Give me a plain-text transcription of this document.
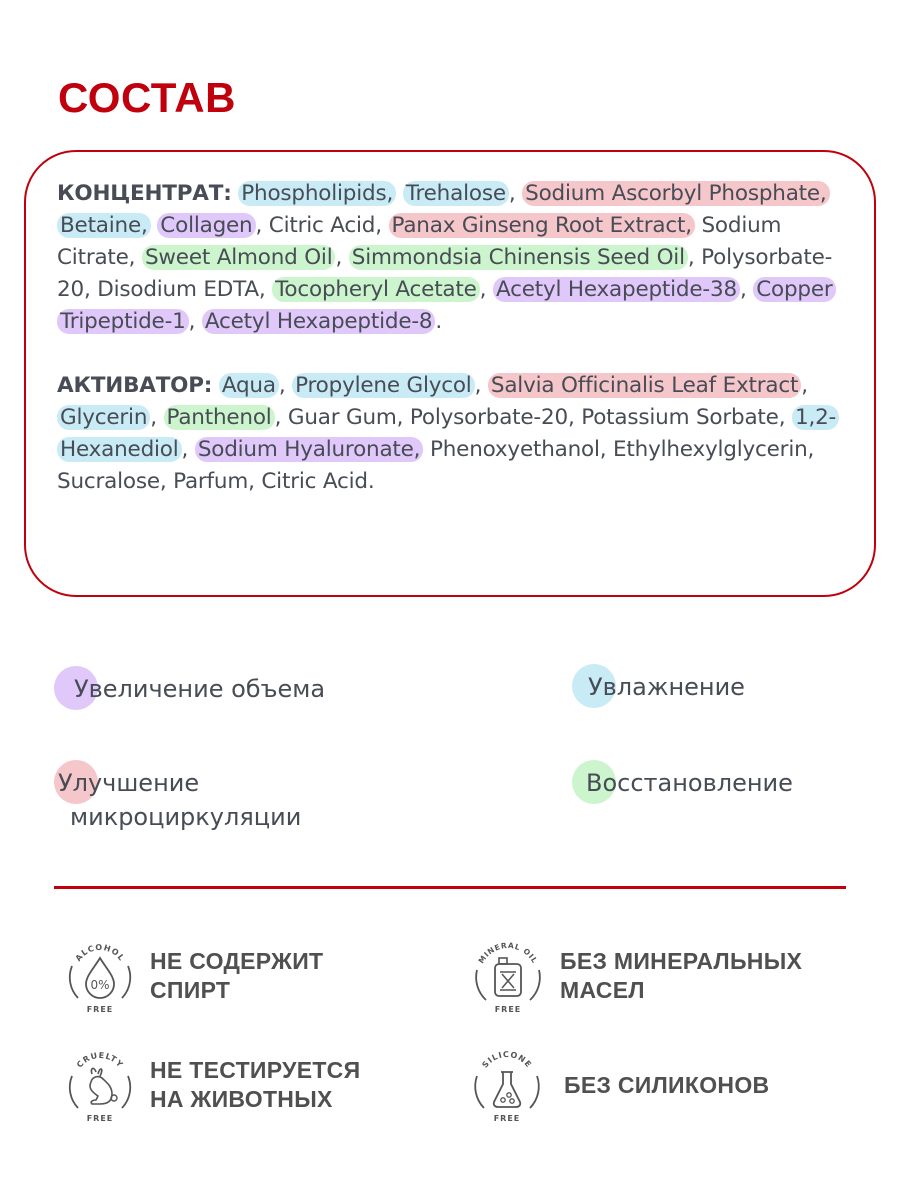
СОСТАВ

КОНЦЕНТРАТ: Phospholipids, Trehalose , Sodium Ascorbyl Phosphate, Betaine, Collagen , Citric Acid, Panax Ginseng Root Extract, Sodium Citrate, Sweet Almond Oil , Simmondsia Chinensis Seed Oil , Polysorbate-20, Disodium EDTA, Tocopheryl Acetate , Acetyl Hexapeptide-38 , Copper Tripeptide-1 , Acetyl Hexapeptide-8 .

АКТИВАТОР: Aqua , Propylene Glycol , Salvia Officinalis Leaf Extract , Glycerin , Panthenol , Guar Gum, Polysorbate-20, Potassium Sorbate, 1,2-Hexanediol , Sodium Hyaluronate, Phenoxyethanol, Ethylhexylglycerin, Sucralose, Parfum, Citric Acid.

Увеличение объема	Увлажнение
Улучшение
микроциркуляции
Восстановление
ALCOHOL
FREE
0%
НЕ СОДЕРЖИТ
СПИРТ
MINERAL OIL
FREE
БЕЗ МИНЕРАЛЬНЫХ
МАСЕЛ
CRUELTY
FREE
НЕ ТЕСТИРУЕТСЯ
НА ЖИВОТНЫХ
SILICONE
FREE
БЕЗ СИЛИКОНОВ
